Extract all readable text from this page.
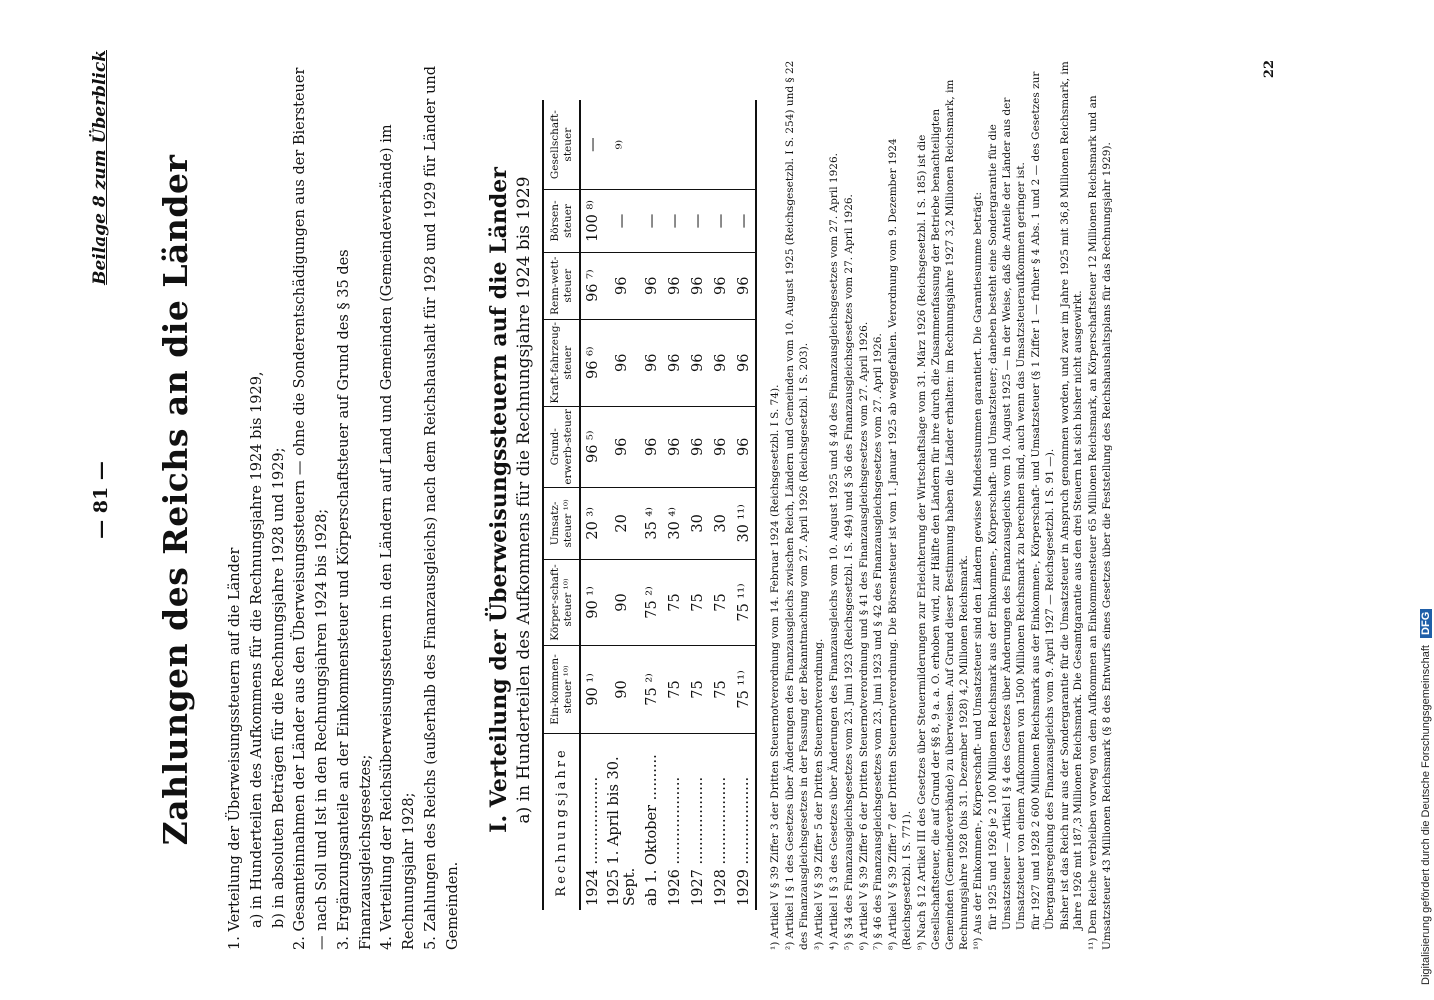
— 81 —
Beilage 8 zum Überblick Zahlungen des Reichs an die Länder
1. Verteilung der Überweisungssteuern auf die Länder a) in Hunderteilen des Aufkommens für die Rechnungsjahre 1924 bis 1929, b) in absoluten Beträgen für die Rechnungsjahre 1928 und 1929;
2. Gesamteinnahmen der Länder aus den Überweisungssteuern — ohne die Sonderentschädigungen aus der Biersteuer — nach Soll und Ist in den Rechnungsjahren 1924 bis 1928; 3. Ergänzungsanteile an der Einkommensteuer und Körperschaftsteuer auf Grund des § 35 des Finanzausgleichsgesetzes; 4. Verteilung der Reichsüberweisungssteuern in den Ländern auf Land und Gemeinden (Gemeindeverbände) im Rechnungsjahr 1928; 5. Zahlungen des Reichs (außerhalb des Finanzausgleichs) nach dem Reichshaushalt für 1928 und 1929 für Länder und Gemeinden.
I. Verteilung der Überweisungssteuern auf die Länder a) in Hunderteilen des Aufkommens für die Rechnungsjahre 1924 bis 1929 Rechnungsjahre	Ein-kommen-steuer ¹⁰⁾	Körper-schaft-steuer ¹⁰⁾	Umsatz-steuer ¹⁰⁾	Grund-erwerb-steuer	Kraft-fahrzeug-steuer	Renn-wett-steuer	Börsen-steuer	Gesellschaft-steuer
1924 ...................	90 ¹⁾	90 ¹⁾	20 ³⁾	96 ⁵⁾	96 ⁶⁾	96 ⁷⁾	100 ⁸⁾	—
1925 1. April bis 30. Sept.	90	90	20	96	96	96	—	⁹⁾
ab 1. Oktober ..........	75 ²⁾	75 ²⁾	35 ⁴⁾	96	96	96	—	
1926 ...................	75	75	30 ⁴⁾	96	96	96	—	
1927 ...................	75	75	30	96	96	96	—	
1928 ...................	75	75	30	96	96	96	—	
1929 ...................	75 ¹¹⁾	75 ¹¹⁾	30 ¹¹⁾	96	96	96	—	
¹) Artikel V § 39 Ziffer 3 der Dritten Steuernotverordnung vom 14. Februar 1924 (Reichsgesetzbl. I S. 74). ²) Artikel I § 1 des Gesetzes über Änderungen des Finanzausgleichs zwischen Reich, Ländern und Gemeinden vom 10. August 1925 (Reichsgesetzbl. I S. 254) und § 22 des Finanzausgleichsgesetzes in der Fassung der Bekanntmachung vom 27. April 1926 (Reichsgesetzbl. I S. 203). ³) Artikel V § 39 Ziffer 5 der Dritten Steuernotverordnung. ⁴) Artikel I § 3 des Gesetzes über Änderungen des Finanzausgleichs vom 10. August 1925 und § 40 des Finanzausgleichsgesetzes vom 27. April 1926. ⁵) § 34 des Finanzausgleichsgesetzes vom 23. Juni 1923 (Reichsgesetzbl. I S. 494) und § 36 des Finanzausgleichsgesetzes vom 27. April 1926. ⁶) Artikel V § 39 Ziffer 6 der Dritten Steuernotverordnung und § 41 des Finanzausgleichsgesetzes vom 27. April 1926. ⁷) § 46 des Finanzausgleichsgesetzes vom 23. Juni 1923 und § 42 des Finanzausgleichsgesetzes vom 27. April 1926. ⁸) Artikel V § 39 Ziffer 7 der Dritten Steuernotverordnung. Die Börsensteuer ist vom 1. Januar 1925 ab weggefallen. Verordnung vom 9. Dezember 1924 (Reichsgesetzbl. I S. 771). ⁹) Nach § 12 Artikel III des Gesetzes über Steuermilderungen zur Erleichterung der Wirtschaftslage vom 31. März 1926 (Reichsgesetzbl. I S. 185) ist die Gesellschaftsteuer, die auf Grund der §§ 8, 9 a. a. O. erhoben wird, zur Hälfte den Ländern für ihre durch die Zusammenfassung der Betriebe benachteiligten Gemeinden (Gemeindeverbände) zu überweisen. Auf Grund dieser Bestimmung haben die Länder erhalten: im Rechnungsjahre 1927 3,2 Millionen Reichsmark, im Rechnungsjahre 1928 (bis 31. Dezember 1928) 4,2 Millionen Reichsmark. ¹⁰) Aus der Einkommen-, Körperschaft- und Umsatzsteuer sind den Ländern gewisse Mindestsummen garantiert. Die Garantiesumme beträgt: für 1925 und 1926 je 2 100 Millionen Reichsmark aus der Einkommen-, Körperschaft- und Umsatzsteuer; daneben besteht eine Sondergarantie für die Umsatzsteuer — Artikel I § 4 des Gesetzes über Änderungen des Finanzausgleichs vom 10. August 1925 — in der Weise, daß die Anteile der Länder aus der Umsatzsteuer von einem Aufkommen von 1500 Millionen Reichsmark zu berechnen sind, auch wenn das Umsatzsteueraufkommen geringer ist. für 1927 und 1928 2 600 Millionen Reichsmark aus der Einkommen-, Körperschaft- und Umsatzsteuer (§ 1 Ziffer 1 — früher § 4 Abs. 1 und 2 — des Gesetzes zur Übergangsregelung des Finanzausgleichs vom 9. April 1927 — Reichsgesetzbl. I S. 91 —). Bisher ist das Reich nur aus der Sondergarantie für die Umsatzsteuer in Anspruch genommen worden, und zwar im Jahre 1925 mit 36,8 Millionen Reichsmark, im Jahre 1926 mit 187,3 Millionen Reichsmark. Die Gesamtgarantie aus den drei Steuern hat sich bisher nicht ausgewirkt. ¹¹) Dem Reiche verbleiben vorweg von dem Aufkommen an Einkommensteuer 65 Millionen Reichsmark, an Körperschaftsteuer 12 Millionen Reichsmark und an Umsatzsteuer 43 Millionen Reichsmark (§ 8 des Entwurfs eines Gesetzes über die Feststellung des Reichshaushaltsplans für das Rechnungsjahr 1929).
22
Digitalisierung gefördert durch die Deutsche Forschungsgemeinschaft DFG
